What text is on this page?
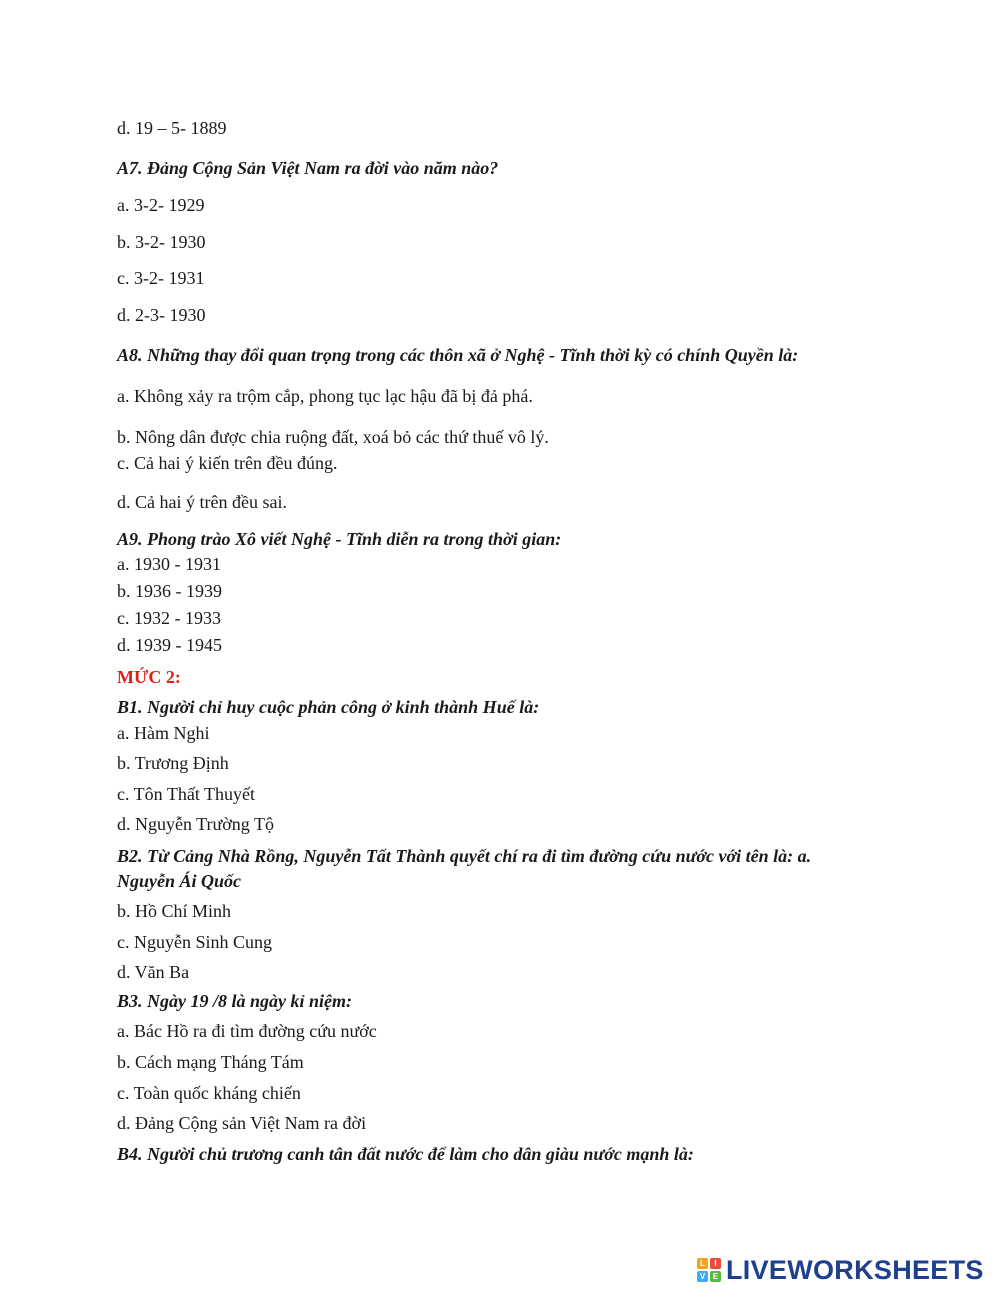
d. 19 – 5- 1889
A7. Đảng Cộng Sản Việt Nam ra đời vào năm nào?
a. 3-2- 1929
b. 3-2- 1930
c. 3-2- 1931
d. 2-3- 1930
A8. Những thay đổi quan trọng trong các thôn xã ở Nghệ - Tĩnh thời kỳ có chính Quyền là:
a. Không xảy ra trộm cắp, phong tục lạc hậu đã bị đả phá.
b. Nông dân được chia ruộng đất, xoá bỏ các thứ thuế vô lý.
c. Cả hai ý kiến trên đều đúng.
d. Cả hai ý trên đều sai.
A9. Phong trào Xô viết Nghệ - Tĩnh diễn ra trong thời gian:
a. 1930 - 1931
b. 1936 - 1939
c. 1932 - 1933
d. 1939 - 1945
MỨC 2:
B1. Người chỉ huy cuộc phản công ở kinh thành Huế là:
a. Hàm Nghi
b. Trương Định
c. Tôn Thất Thuyết
d. Nguyễn Trường Tộ
B2. Từ Cảng Nhà Rồng, Nguyễn Tất Thành quyết chí ra đi tìm đường cứu nước với tên là: a.
Nguyễn Ái Quốc
b. Hồ Chí Minh
c. Nguyễn Sinh Cung
d. Văn Ba
B3. Ngày 19 /8 là ngày kỉ niệm:
a. Bác Hồ ra đi tìm đường cứu nước
b. Cách mạng Tháng Tám
c. Toàn quốc kháng chiến
d. Đảng Cộng sản Việt Nam ra đời
B4. Người chủ trương canh tân đất nước để làm cho dân giàu nước mạnh là:
L	I
V E LIVEWORKSHEETS
